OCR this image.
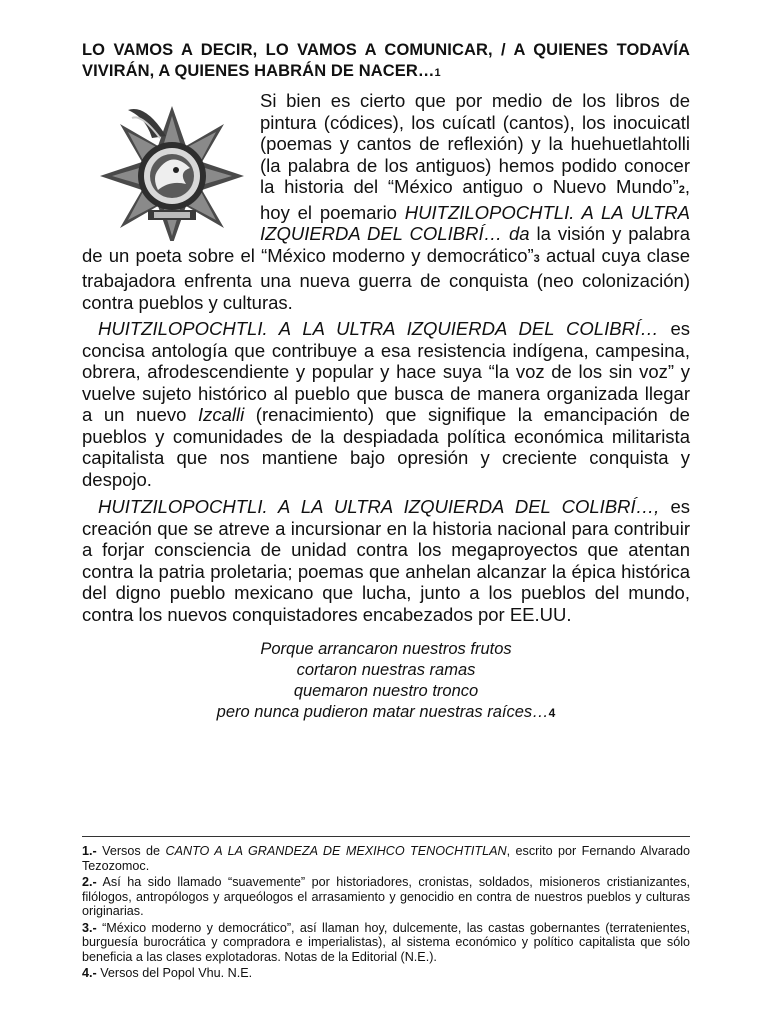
LO VAMOS A DECIR, LO VAMOS A COMUNICAR, / A QUIENES TODAVÍA VIVIRÁN, A QUIENES HABRÁN DE NACER…1

Si bien es cierto que por medio de los libros de pintura (códices), los cuícatl (cantos), los inocuicatl (poemas y cantos de reflexión) y la huehuetlahtolli (la palabra de los antiguos) hemos podido conocer la historia del “México antiguo o Nuevo Mundo”2, hoy el poemario HUITZILOPOCHTLI. A LA ULTRA IZQUIERDA DEL COLIBRÍ… da la visión y palabra de un poeta sobre el “México moderno y democrático”3 actual cuya clase trabajadora enfrenta una nueva guerra de conquista (neo colonización) contra pueblos y culturas.

HUITZILOPOCHTLI. A LA ULTRA IZQUIERDA DEL COLIBRÍ… es concisa antología que contribuye a esa resistencia indígena, campesina, obrera, afrodescendiente y popular y hace suya “la voz de los sin voz” y vuelve sujeto histórico al pueblo que busca de manera organizada llegar a un nuevo Izcalli (renacimiento) que signifique la emancipación de pueblos y comunidades de la despiadada política económica militarista capitalista que nos mantiene bajo opresión y creciente conquista y despojo.

HUITZILOPOCHTLI. A LA ULTRA IZQUIERDA DEL COLIBRÍ…, es creación que se atreve a incursionar en la historia nacional para contribuir a forjar consciencia de unidad contra los megaproyectos que atentan contra la patria proletaria; poemas que anhelan alcanzar la épica histórica del digno pueblo mexicano que lucha, junto a los pueblos del mundo, contra los nuevos conquistadores encabezados por EE.UU.

Porque arrancaron nuestros frutos
cortaron nuestras ramas
quemaron nuestro tronco
pero nunca pudieron matar nuestras raíces…4

1.- Versos de CANTO A LA GRANDEZA DE MEXIHCO TENOCHTITLAN, escrito por Fernando Alvarado Tezozomoc.

2.- Así ha sido llamado “suavemente” por historiadores, cronistas, soldados, misioneros cristianizantes, filólogos, antropólogos y arqueólogos el arrasamiento y genocidio en contra de nuestros pueblos y culturas originarias.

3.- “México moderno y democrático”, así llaman hoy, dulcemente, las castas gobernantes (terratenientes, burguesía burocrática y compradora e imperialistas), al sistema económico y político capitalista que sólo beneficia a las clases explotadoras. Notas de la Editorial (N.E.).

4.- Versos del Popol Vhu. N.E.
